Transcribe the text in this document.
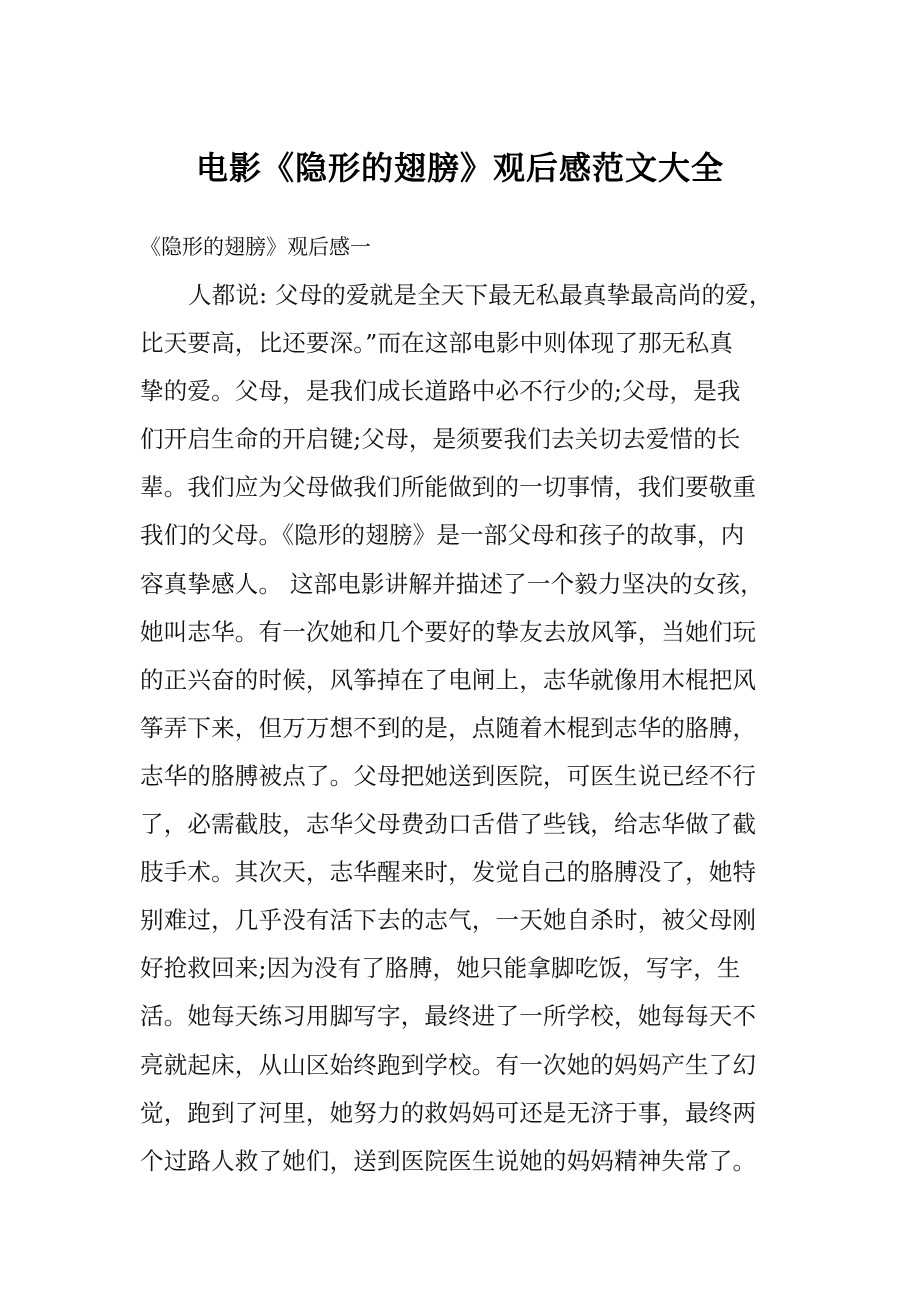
电影《隐形的翅膀》观后感范文大全
《隐形的翅膀》观后感一
人都说: 父母的爱就是全天下最无私最真挚最高尚的爱，
比天要高，比还要深。”而在这部电影中则体现了那无私真
挚的爱。父母，是我们成长道路中必不行少的;父母，是我
们开启生命的开启键;父母，是须要我们去关切去爱惜的长
辈。我们应为父母做我们所能做到的一切事情，我们要敬重
我们的父母。《隐形的翅膀》是一部父母和孩子的故事，内
容真挚感人。 这部电影讲解并描述了一个毅力坚决的女孩，
她叫志华。有一次她和几个要好的挚友去放风筝，当她们玩
的正兴奋的时候，风筝掉在了电闸上，志华就像用木棍把风
筝弄下来，但万万想不到的是，点随着木棍到志华的胳膊，
志华的胳膊被点了。父母把她送到医院，可医生说已经不行
了，必需截肢，志华父母费劲口舌借了些钱，给志华做了截
肢手术。其次天，志华醒来时，发觉自己的胳膊没了，她特
别难过，几乎没有活下去的志气，一天她自杀时，被父母刚
好抢救回来;因为没有了胳膊，她只能拿脚吃饭，写字，生
活。她每天练习用脚写字，最终进了一所学校，她每每天不
亮就起床，从山区始终跑到学校。有一次她的妈妈产生了幻
觉，跑到了河里，她努力的救妈妈可还是无济于事，最终两
个过路人救了她们，送到医院医生说她的妈妈精神失常了。
